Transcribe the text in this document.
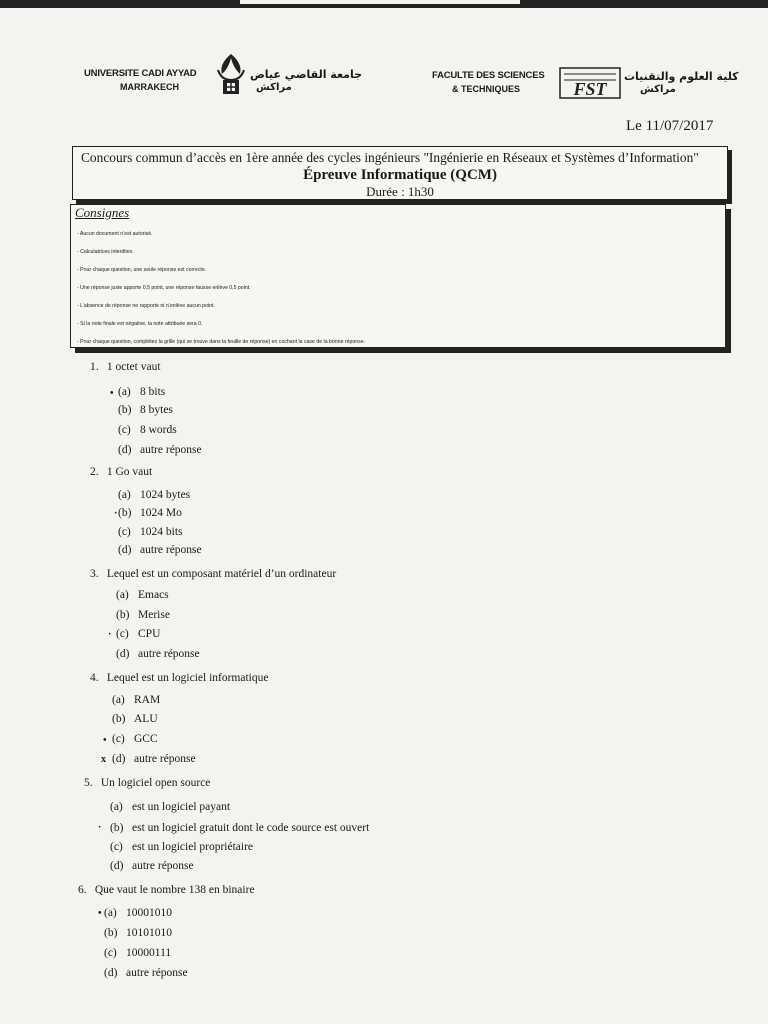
UNIVERSITE CADI AYYAD
MARRAKECH
جامعة القاضي عياض
مراكش
FACULTE DES SCIENCES
& TECHNIQUES	FST
كلية العلوم والتقنيات
مراكش
Le 11/07/2017
Concours commun d’accès en 1ère année des cycles ingénieurs "Ingénierie en Réseaux et Systèmes d’Information"
Épreuve Informatique (QCM)
Durée : 1h30
Consignes
- Aucun document n’est autorisé.
- Calculatrices interdites.
- Pour chaque question, une seule réponse est correcte.
- Une réponse juste apporte 0,5 point, une réponse fausse enlève 0,5 point.
- L’absence de réponse ne rapporte ni n’enlève aucun point.
- Si la note finale est négative, la note attribuée sera 0.
- Pour chaque question, complétez la grille (qui se trouve dans la feuille de réponse) en cochant la case de la bonne réponse.
1. 1 octet vaut
(a) 8 bits
(b) 8 bytes
(c) 8 words
(d) autre réponse
2. 1 Go vaut
(a) 1024 bytes
(b) 1024 Mo
(c) 1024 bits
(d) autre réponse
3. Lequel est un composant matériel d’un ordinateur
(a) Emacs
(b) Merise
(c) CPU
(d) autre réponse
4. Lequel est un logiciel informatique
(a) RAM
(b) ALU
(c) GCC
(d) autre réponse
5. Un logiciel open source
(a) est un logiciel payant
(b) est un logiciel gratuit dont le code source est ouvert
(c) est un logiciel propriétaire
(d) autre réponse
6. Que vaut le nombre 138 en binaire
(a) 10001010
(b) 10101010
(c) 10000111
(d) autre réponse
•
·
·
•
x
·
•
